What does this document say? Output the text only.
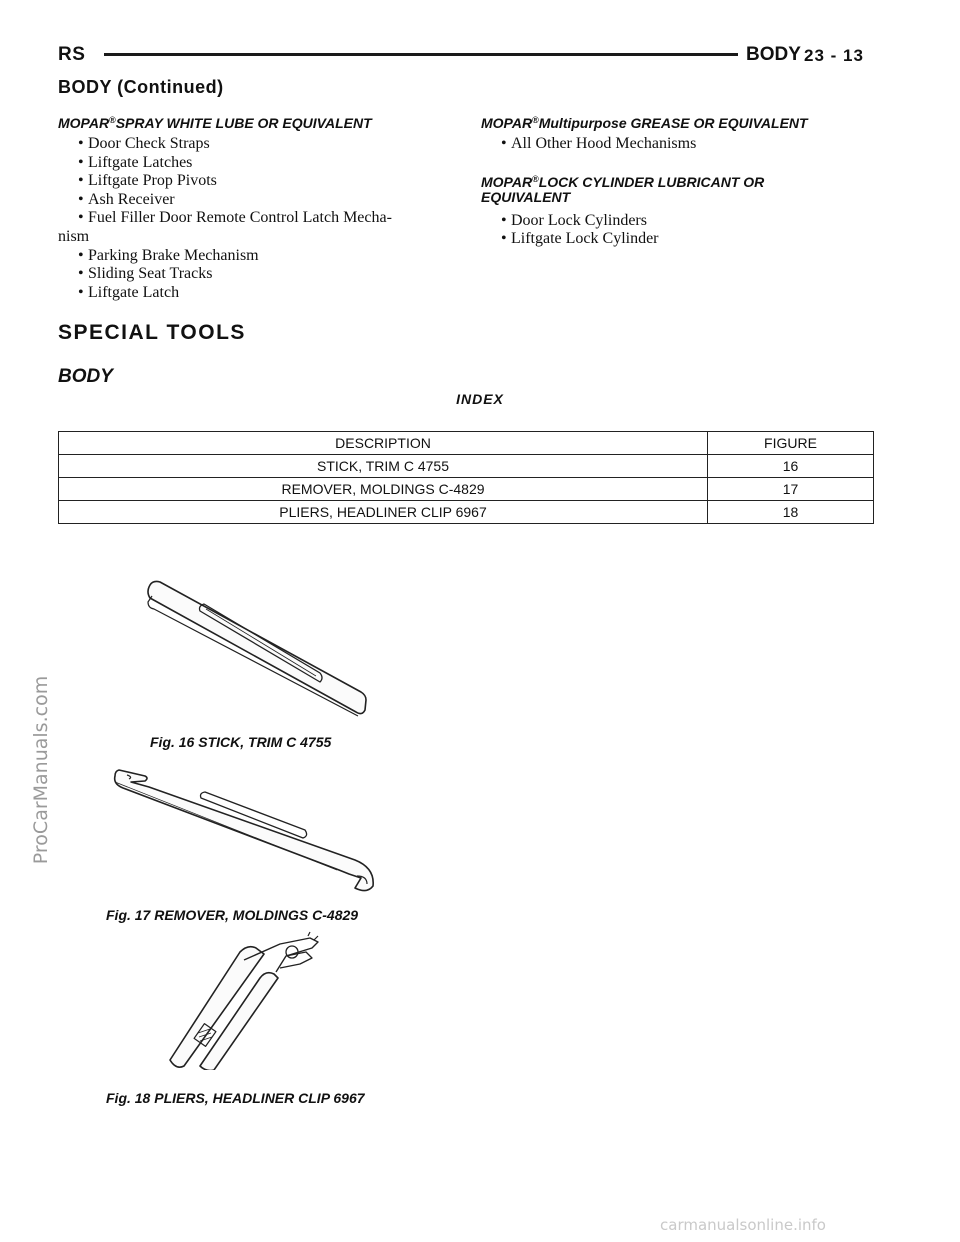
RS	BODY 23 - 13
BODY (Continued)
MOPAR®SPRAY WHITE LUBE OR EQUIVALENT
• Door Check Straps
• Liftgate Latches
• Liftgate Prop Pivots
• Ash Receiver
• Fuel Filler Door Remote Control Latch Mecha-
nism
• Parking Brake Mechanism
• Sliding Seat Tracks
• Liftgate Latch
MOPAR®Multipurpose GREASE OR EQUIVALENT
• All Other Hood Mechanisms
MOPAR®LOCK CYLINDER LUBRICANT OR
EQUIVALENT
• Door Lock Cylinders
• Liftgate Lock Cylinder
SPECIAL TOOLS
BODY
INDEX
DESCRIPTION	FIGURE
STICK, TRIM C 4755	16
REMOVER, MOLDINGS C-4829	17
PLIERS, HEADLINER CLIP 6967	18
Fig. 16 STICK, TRIM C 4755
Fig. 17 REMOVER, MOLDINGS C-4829
Fig. 18 PLIERS, HEADLINER CLIP 6967
ProCarManuals.com
carmanualsonline.info
